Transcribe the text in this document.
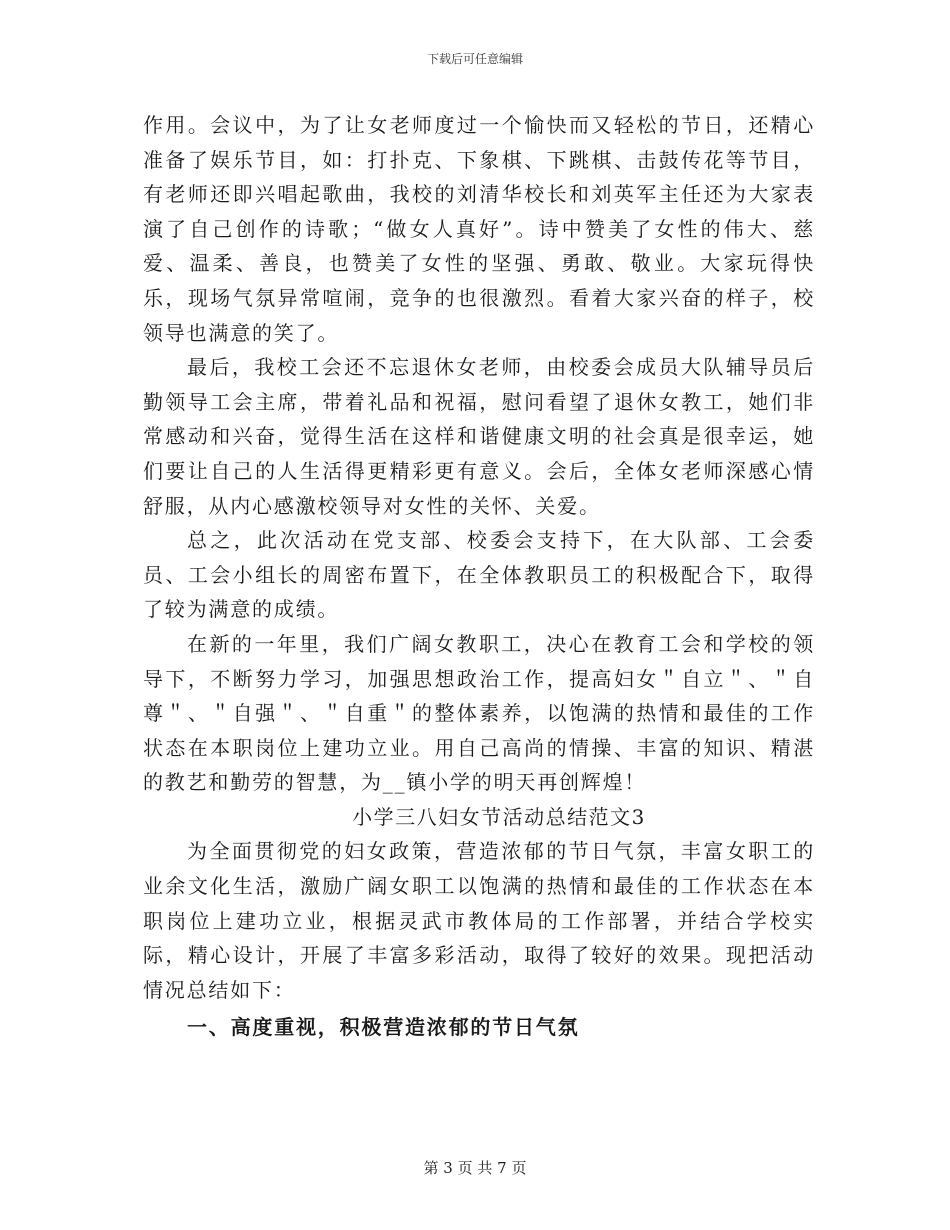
下载后可任意编辑

作用。会议中，为了让女老师度过一个愉快而又轻松的节日，还精心准备了娱乐节目，如：打扑克、下象棋、下跳棋、击鼓传花等节目，有老师还即兴唱起歌曲，我校的刘清华校长和刘英军主任还为大家表演了自己创作的诗歌；“做女人真好”。诗中赞美了女性的伟大、慈爱、温柔、善良，也赞美了女性的坚强、勇敢、敬业。大家玩得快乐，现场气氛异常喧闹，竞争的也很激烈。看着大家兴奋的样子，校领导也满意的笑了。

最后，我校工会还不忘退休女老师，由校委会成员大队辅导员后勤领导工会主席，带着礼品和祝福，慰问看望了退休女教工，她们非常感动和兴奋，觉得生活在这样和谐健康文明的社会真是很幸运，她们要让自己的人生活得更精彩更有意义。会后，全体女老师深感心情舒服，从内心感激校领导对女性的关怀、关爱。

总之，此次活动在党支部、校委会支持下，在大队部、工会委员、工会小组长的周密布置下，在全体教职员工的积极配合下，取得了较为满意的成绩。

在新的一年里，我们广阔女教职工，决心在教育工会和学校的领导下，不断努力学习，加强思想政治工作，提高妇女＂自立＂、＂自尊＂、＂自强＂、＂自重＂的整体素养，以饱满的热情和最佳的工作状态在本职岗位上建功立业。用自己高尚的情操、丰富的知识、精湛的教艺和勤劳的智慧，为__镇小学的明天再创辉煌！

小学三八妇女节活动总结范文3

为全面贯彻党的妇女政策，营造浓郁的节日气氛，丰富女职工的业余文化生活，激励广阔女职工以饱满的热情和最佳的工作状态在本职岗位上建功立业，根据灵武市教体局的工作部署，并结合学校实际，精心设计，开展了丰富多彩活动，取得了较好的效果。现把活动情况总结如下：

一、高度重视，积极营造浓郁的节日气氛

第 3 页 共 7 页
